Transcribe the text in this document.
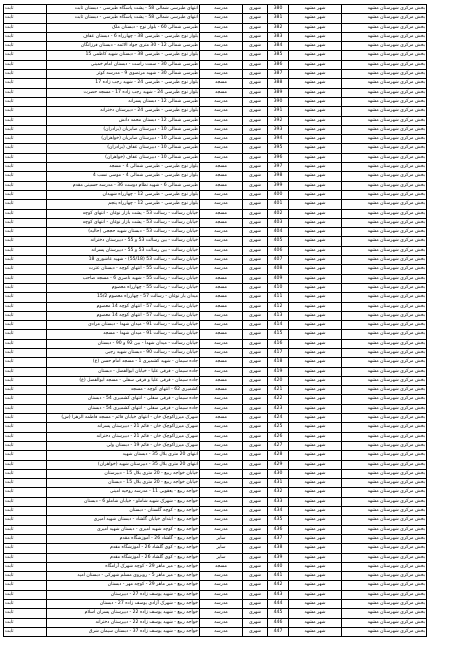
ثابت	انتهای طبرسی شمالی 58 - پشت پاسگاه طبرسی - دبستان ثابت	مدرسه	شهری	380	شهر مشهد	بخش مرکزی شهرستان مشهد
ثابت	انتهای طبرسی شمالی 58 - پشت پاسگاه طبرسی - دبستان ثابت	مدرسه	شهری	381	شهر مشهد	بخش مرکزی شهرستان مشهد
ثابت	طبرسی شمالی 60 - بلوار نوح - دبستان ملک	مدرسه	شهری	382	شهر مشهد	بخش مرکزی شهرستان مشهد
ثابت	بلوار نوح طبرسی - طبرسی 38 - چهارراه 6 - دبستان عفاف	مدرسه	شهری	383	شهر مشهد	بخش مرکزی شهرستان مشهد
ثابت	طبرسی شمالی 12 - 30 متری جواد الائمه - دبستان فرزانگان	مدرسه	شهری	384	شهر مشهد	بخش مرکزی شهرستان مشهد
ثابت	بلوار نوح طبرسی - طبرسی 38 - دبستان شهید کاظمی 15	مدرسه	شهری	385	شهر مشهد	بخش مرکزی شهرستان مشهد
ثابت	طبرسی شمالی 30 - سمت راست - دبستان امام خمینی	مدرسه	شهری	386	شهر مشهد	بخش مرکزی شهرستان مشهد
ثابت	طبرسی شمالی 30 - شهید مرتضوی 9 - مدرسه کوثر	مدرسه	شهری	387	شهر مشهد	بخش مرکزی شهرستان مشهد
ثابت	بلوار نوح طبرسی - طبرسی 24 - شهید رجب زاده 17	مسجد	شهری	388	شهر مشهد	بخش مرکزی شهرستان مشهد
ثابت	بلوار نوح طبرسی 24 - شهید رجب زاده 17 - مسجد حضرت	مسجد	شهری	389	شهر مشهد	بخش مرکزی شهرستان مشهد
ثابت	طبرسی شمالی 12 - دبستان پسرانه	مدرسه	شهری	390	شهر مشهد	بخش مرکزی شهرستان مشهد
ثابت	بلوار نوح طبرسی - طبرسی 24 - دبیرستان دخترانه	مدرسه	شهری	391	شهر مشهد	بخش مرکزی شهرستان مشهد
ثابت	طبرسی شمالی 12 - دبستان محمد دانش	مدرسه	شهری	392	شهر مشهد	بخش مرکزی شهرستان مشهد
ثابت	طبرسی شمالی 10 - دبیرستان صابریان (برادران)	مدرسه	شهری	393	شهر مشهد	بخش مرکزی شهرستان مشهد
ثابت	طبرسی شمالی 10 - دبیرستان صابریان (خواهران)	مدرسه	شهری	394	شهر مشهد	بخش مرکزی شهرستان مشهد
ثابت	طبرسی شمالی 10 - دبیرستان عفاف (برادران)	مدرسه	شهری	395	شهر مشهد	بخش مرکزی شهرستان مشهد
ثابت	طبرسی شمالی 10 - دبیرستان عفاف (خواهران)	مدرسه	شهری	396	شهر مشهد	بخش مرکزی شهرستان مشهد
ثابت	بلوار نوح طبرسی - طبرسی شمالی 4 - مسجد	مسجد	شهری	397	شهر مشهد	بخش مرکزی شهرستان مشهد
ثابت	بلوار نوح طبرسی - طبرسی شمالی 4 - موسی نسب 4	مسجد	شهری	398	شهر مشهد	بخش مرکزی شهرستان مشهد
ثابت	طبرسی شمالی 6 - شهید نظام دوست 36 - مدرسه حسینی مقدم	مسجد	شهری	399	شهر مشهد	بخش مرکزی شهرستان مشهد
ثابت	بلوار نوح طبرسی - طبرسی 12 - چهارراه شهیدان	مدرسه	شهری	400	شهر مشهد	بخش مرکزی شهرستان مشهد
ثابت	بلوار نوح طبرسی - طبرسی 12 - چهارراه پنجم	مدرسه	شهری	401	شهر مشهد	بخش مرکزی شهرستان مشهد
ثابت	خیابان رسالت - رسالت 53 - پشت بازار نوغان - انتهای کوچه	مسجد	شهری	402	شهر مشهد	بخش مرکزی شهرستان مشهد
ثابت	خیابان رسالت - رسالت 53 - پشت بازار نوغان - انتهای کوچه	مسجد	شهری	403	شهر مشهد	بخش مرکزی شهرستان مشهد
ثابت	خیابان رسالت - رسالت 53 - دبستان شهید حججی (حالیه)	مدرسه	شهری	404	شهر مشهد	بخش مرکزی شهرستان مشهد
ثابت	خیابان رسالت - بین رسالت 53 و 55 - دبیرستان دخترانه	مدرسه	شهری	405	شهر مشهد	بخش مرکزی شهرستان مشهد
ثابت	خیابان رسالت - بین رسالت 53 و 55 - دبیرستان پسرانه	مدرسه	شهری	406	شهر مشهد	بخش مرکزی شهرستان مشهد
ثابت	خیابان رسالت - رسالت 53 (55/18) - شهید عاشوری 18	مدرسه	شهری	407	شهر مشهد	بخش مرکزی شهرستان مشهد
ثابت	خیابان رسالت - رسالت 55 - انتهای کوچه - دبستان عترت	مدرسه	شهری	408	شهر مشهد	بخش مرکزی شهرستان مشهد
ثابت	خیابان رسالت - رسالت 55 - شهید ناصری 6 - مسجد صاحب	مسجد	شهری	409	شهر مشهد	بخش مرکزی شهرستان مشهد
ثابت	خیابان رسالت - رسالت 55 - چهارراه معصوم	مسجد	شهری	410	شهر مشهد	بخش مرکزی شهرستان مشهد
ثابت	میدان بار نوغان - رسالت 57 - چهارراه معصوم 15/2	مسجد	شهری	411	شهر مشهد	بخش مرکزی شهرستان مشهد
ثابت	خیابان رسالت - رسالت 57 - انتهای کوچه 14 معصوم	مسجد	شهری	412	شهر مشهد	بخش مرکزی شهرستان مشهد
ثابت	خیابان رسالت - رسالت 57 - انتهای کوچه 14 معصوم	مدرسه	شهری	413	شهر مشهد	بخش مرکزی شهرستان مشهد
ثابت	خیابان رسالت - رسالت 91 - میدان شهدا - دبستان مرادی	مدرسه	شهری	414	شهر مشهد	بخش مرکزی شهرستان مشهد
ثابت	خیابان رسالت - رسالت 91 - میدان شهدا - مسجد	مسجد	شهری	415	شهر مشهد	بخش مرکزی شهرستان مشهد
ثابت	خیابان رسالت - میدان شهدا - بین 92 و 90 - دبستان	مدرسه	شهری	416	شهر مشهد	بخش مرکزی شهرستان مشهد
ثابت	خیابان رسالت - رسالت 90 - دبستان شهید رجبی	مدرسه	شهری	417	شهر مشهد	بخش مرکزی شهرستان مشهد
ثابت	جاده سیمان - شهید کشمیری 1 - مسجد امام حسن (ع)	مسجد	شهری	418	شهر مشهد	بخش مرکزی شهرستان مشهد
ثابت	جاده سیمان - قرقی علیا - خیابان ابوالفضل - دبستان	مدرسه	شهری	419	شهر مشهد	بخش مرکزی شهرستان مشهد
ثابت	جاده سیمان - قرقی علیا و قرقی سفلی - مسجد ابوالفضل (ع)	مسجد	شهری	420	شهر مشهد	بخش مرکزی شهرستان مشهد
ثابت	کشمیری 62 - انتهای کوچه - مسجد	مسجد	شهری	421	شهر مشهد	بخش مرکزی شهرستان مشهد
ثابت	جاده سیمان - قرقی سفلی - انتهای کشمیری 54 - دبستان	مدرسه	شهری	422	شهر مشهد	بخش مرکزی شهرستان مشهد
ثابت	جاده سیمان - قرقی سفلی - انتهای کشمیری 54 - دبستان	مدرسه	شهری	423	شهر مشهد	بخش مرکزی شهرستان مشهد
ثابت	شهرک میرزاکوچک خان - انتهای خیابان قائم - مسجد فاطمه الزهرا (س)	مسجد	شهری	424	شهر مشهد	بخش مرکزی شهرستان مشهد
ثابت	شهرک میرزاکوچک خان - قائم 21 - دبیرستان پسرانه	مدرسه	شهری	425	شهر مشهد	بخش مرکزی شهرستان مشهد
ثابت	شهرک میرزاکوچک خان - قائم 21 - دبیرستان دخترانه	مدرسه	شهری	426	شهر مشهد	بخش مرکزی شهرستان مشهد
ثابت	شهرک میرزاکوچک خان - قائم 19 - دبستان ولی	مدرسه	شهری	427	شهر مشهد	بخش مرکزی شهرستان مشهد
ثابت	انتهای 20 متری بلال 35 - دبستان شهید	مدرسه	شهری	428	شهر مشهد	بخش مرکزی شهرستان مشهد
ثابت	انتهای 20 متری بلال 35 - دبیرستان شهید (خواهران)	مدرسه	شهری	429	شهر مشهد	بخش مرکزی شهرستان مشهد
ثابت	خیابان خواجه ربیع - 20 متری بلال 15 - دبیرستان	مدرسه	شهری	430	شهر مشهد	بخش مرکزی شهرستان مشهد
ثابت	خیابان خواجه ربیع - 20 متری بلال 15 - دبستان	مدرسه	شهری	431	شهر مشهد	بخش مرکزی شهرستان مشهد
ثابت	خواجه ربیع - یعقوبی 11 - مدرسه روحیه امینی	مدرسه	شهری	432	شهر مشهد	بخش مرکزی شهرستان مشهد
ثابت	خواجه ربیع - شهرک شهید شاملو - خیابان شاملو 6 - دبستان	مدرسه	شهری	433	شهر مشهد	بخش مرکزی شهرستان مشهد
ثابت	خواجه ربیع - کوچه گلستان - دبستان	مدرسه	شهری	434	شهر مشهد	بخش مرکزی شهرستان مشهد
ثابت	خواجه ربیع - ابتدای خیابان گلشاد - دبستان شهید امیری	مدرسه	شهری	435	شهر مشهد	بخش مرکزی شهرستان مشهد
ثابت	خواجه ربیع - کوچه شهید امیری - دبستان شهید امیری	مدرسه	شهری	436	شهر مشهد	بخش مرکزی شهرستان مشهد
ثابت	خواجه ربیع - گلشاد 26 - آموزشگاه مقدم	سایر	شهری	437	شهر مشهد	بخش مرکزی شهرستان مشهد
ثابت	خواجه ربیع - کوی گلشاد 26 - آموزشگاه مقدم	سایر	شهری	438	شهر مشهد	بخش مرکزی شهرستان مشهد
ثابت	خواجه ربیع - کوی گلشاد 26 - آموزشگاه مقدم	سایر	شهری	439	شهر مشهد	بخش مرکزی شهرستان مشهد
ثابت	خواجه ربیع - میر ماهر 29 - کوچه شهرک آرامگاه	مسجد	شهری	440	شهر مشهد	بخش مرکزی شهرستان مشهد
ثابت	خواجه ربیع - میر ماهر 5 - روبروی مسلم شهرکی - دبستان امید	مدرسه	شهری	441	شهر مشهد	بخش مرکزی شهرستان مشهد
ثابت	خواجه ربیع - میر ماهر 29 - کوچه مهر - دبستان	مدرسه	شهری	442	شهر مشهد	بخش مرکزی شهرستان مشهد
ثابت	خواجه ربیع - شهید یوسف زاده 27 - دبیرستان	مدرسه	شهری	443	شهر مشهد	بخش مرکزی شهرستان مشهد
ثابت	خواجه ربیع - شهرک آزادی یوسف زاده 27 - دبستان	مدرسه	شهری	444	شهر مشهد	بخش مرکزی شهرستان مشهد
ثابت	خواجه ربیع - شهید یوسف زاده 22 - دبیرستان پسران اسلام	مدرسه	شهری	445	شهر مشهد	بخش مرکزی شهرستان مشهد
ثابت	خواجه ربیع - شهید یوسف زاده 22 - دبیرستان دخترانه	مدرسه	شهری	446	شهر مشهد	بخش مرکزی شهرستان مشهد
ثابت	خواجه ربیع - شهید یوسف زاده 37 - دبستان سیمان شرق	مدرسه	شهری	447	شهر مشهد	بخش مرکزی شهرستان مشهد
